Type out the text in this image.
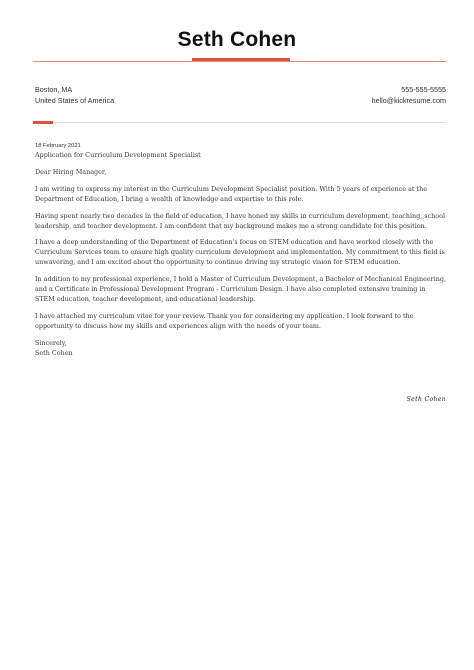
Seth Cohen
Boston, MA
United States of America
555-555-5555
hello@kickresume.com
18 February 2021
Application for Curriculum Development Specialist

Dear Hiring Manager,

I am writing to express my interest in the Curriculum Development Specialist position. With 5 years of experience at the Department of Education, I bring a wealth of knowledge and expertise to this role.

Having spent nearly two decades in the field of education, I have honed my skills in curriculum development, teaching, school leadership, and teacher development. I am confident that my background makes me a strong candidate for this position.

I have a deep understanding of the Department of Education's focus on STEM education and have worked closely with the Curriculum Services team to ensure high quality curriculum development and implementation. My commitment to this field is unwavering, and I am excited about the opportunity to continue driving my strategic vision for STEM education.

In addition to my professional experience, I hold a Master of Curriculum Development, a Bachelor of Mechanical Engineering, and a Certificate in Professional Development Program - Curriculum Design. I have also completed extensive training in STEM education, teacher development, and educational leadership.

I have attached my curriculum vitae for your review. Thank you for considering my application. I look forward to the opportunity to discuss how my skills and experiences align with the needs of your team.

Sincerely,
Seth Cohen
Seth Cohen
